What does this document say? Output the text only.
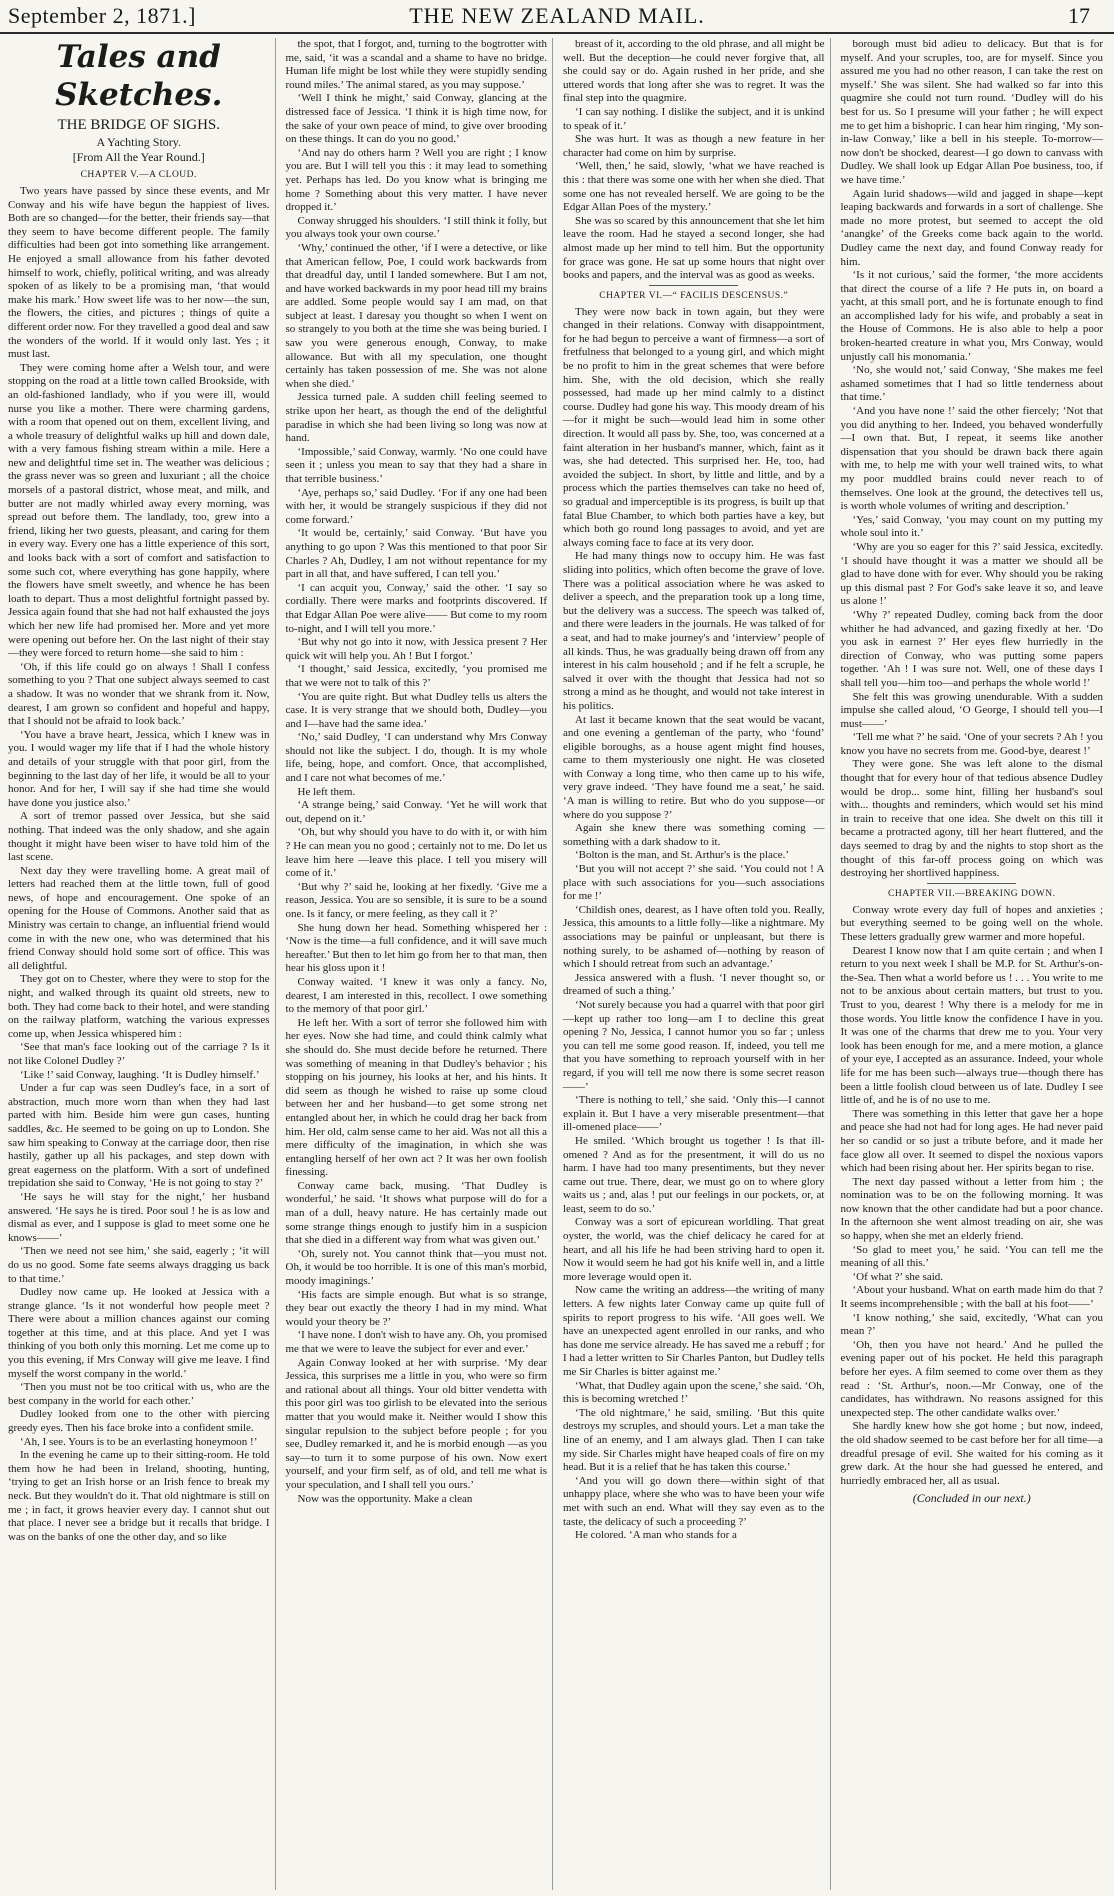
September 2, 1871.]	THE NEW ZEALAND MAIL.	17
Tales and Sketches.
THE BRIDGE OF SIGHS.
A Yachting Story.
[From All the Year Round.]
CHAPTER V.—A CLOUD.

Two years have passed by since these events, and Mr Conway and his wife have begun the happiest of lives. Both are so changed—for the better, their friends say—that they seem to have become different people. The family difficulties had been got into something like arrangement. He enjoyed a small allowance from his father devoted himself to work, chiefly, political writing, and was already spoken of as likely to be a promising man, ‘that would make his mark.’ How sweet life was to her now—the sun, the flowers, the cities, and pictures ; things of quite a different order now. For they travelled a good deal and saw the wonders of the world. If it would only last. Yes ; it must last.

They were coming home after a Welsh tour, and were stopping on the road at a little town called Brookside, with an old-fashioned landlady, who if you were ill, would nurse you like a mother. There were charming gardens, with a room that opened out on them, excellent living, and a whole treasury of delightful walks up hill and down dale, with a very famous fishing stream within a mile. Here a new and delightful time set in. The weather was delicious ; the grass never was so green and luxuriant ; all the choice morsels of a pastoral district, whose meat, and milk, and butter are not madly whirled away every morning, was spread out before them. The landlady, too, grew into a friend, liking her two guests, pleasant, and caring for them in every way. Every one has a little experience of this sort, and looks back with a sort of comfort and satisfaction to some such cot, where everything has gone happily, where the flowers have smelt sweetly, and whence he has been loath to depart. Thus a most delightful fortnight passed by. Jessica again found that she had not half exhausted the joys which her new life had promised her. More and yet more were opening out before her. On the last night of their stay—they were forced to return home—she said to him :

‘Oh, if this life could go on always ! Shall I confess something to you ? That one subject always seemed to cast a shadow. It was no wonder that we shrank from it. Now, dearest, I am grown so confident and hopeful and happy, that I should not be afraid to look back.’

‘You have a brave heart, Jessica, which I knew was in you. I would wager my life that if I had the whole history and details of your struggle with that poor girl, from the beginning to the last day of her life, it would be all to your honor. And for her, I will say if she had time she would have done you justice also.’

A sort of tremor passed over Jessica, but she said nothing. That indeed was the only shadow, and she again thought it might have been wiser to have told him of the last scene.

Next day they were travelling home. A great mail of letters had reached them at the little town, full of good news, of hope and encouragement. One spoke of an opening for the House of Commons. Another said that as Ministry was certain to change, an influential friend would come in with the new one, who was determined that his friend Conway should hold some sort of office. This was all delightful.

They got on to Chester, where they were to stop for the night, and walked through its quaint old streets, new to both. They had come back to their hotel, and were standing on the railway platform, watching the various expresses come up, when Jessica whispered him :

‘See that man's face looking out of the carriage ? Is it not like Colonel Dudley ?’

‘Like !’ said Conway, laughing. ‘It is Dudley himself.’

Under a fur cap was seen Dudley's face, in a sort of abstraction, much more worn than when they had last parted with him. Beside him were gun cases, hunting saddles, &c. He seemed to be going on up to London. She saw him speaking to Conway at the carriage door, then rise hastily, gather up all his packages, and step down with great eagerness on the platform. With a sort of undefined trepidation she said to Conway, ‘He is not going to stay ?’

‘He says he will stay for the night,’ her husband answered. ‘He says he is tired. Poor soul ! he is as low and dismal as ever, and I suppose is glad to meet some one he knows——’

‘Then we need not see him,’ she said, eagerly ; ‘it will do us no good. Some fate seems always dragging us back to that time.’

Dudley now came up. He looked at Jessica with a strange glance. ‘Is it not wonderful how people meet ? There were about a million chances against our coming together at this time, and at this place. And yet I was thinking of you both only this morning. Let me come up to you this evening, if Mrs Conway will give me leave. I find myself the worst company in the world.’

‘Then you must not be too critical with us, who are the best company in the world for each other.’

Dudley looked from one to the other with piercing greedy eyes. Then his face broke into a confident smile.

‘Ah, I see. Yours is to be an everlasting honeymoon !’

In the evening he came up to their sitting-room. He told them how he had been in Ireland, shooting, hunting, ‘trying to get an Irish horse or an Irish fence to break my neck. But they wouldn't do it. That old nightmare is still on me ; in fact, it grows heavier every day. I cannot shut out that place. I never see a bridge but it recalls that bridge. I was on the banks of one the other day, and so like

the spot, that I forgot, and, turning to the bogtrotter with me, said, ‘it was a scandal and a shame to have no bridge. Human life might be lost while they were stupidly sending round miles.’ The animal stared, as you may suppose.’

‘Well I think he might,’ said Conway, glancing at the distressed face of Jessica. ‘I think it is high time now, for the sake of your own peace of mind, to give over brooding on these things. It can do you no good.’

‘And nay do others harm ? Well you are right ; I know you are. But I will tell you this : it may lead to something yet. Perhaps has led. Do you know what is bringing me home ? Something about this very matter. I have never dropped it.’

Conway shrugged his shoulders. ‘I still think it folly, but you always took your own course.’

‘Why,’ continued the other, ‘if I were a detective, or like that American fellow, Poe, I could work backwards from that dreadful day, until I landed somewhere. But I am not, and have worked backwards in my poor head till my brains are addled. Some people would say I am mad, on that subject at least. I daresay you thought so when I went on so strangely to you both at the time she was being buried. I saw you were generous enough, Conway, to make allowance. But with all my speculation, one thought certainly has taken possession of me. She was not alone when she died.’

Jessica turned pale. A sudden chill feeling seemed to strike upon her heart, as though the end of the delightful paradise in which she had been living so long was now at hand.

‘Impossible,’ said Conway, warmly. ‘No one could have seen it ; unless you mean to say that they had a share in that terrible business.’

‘Aye, perhaps so,’ said Dudley. ‘For if any one had been with her, it would be strangely suspicious if they did not come forward.’

‘It would be, certainly,’ said Conway. ‘But have you anything to go upon ? Was this mentioned to that poor Sir Charles ? Ah, Dudley, I am not without repentance for my part in all that, and have suffered, I can tell you.’

‘I can acquit you, Conway,’ said the other. ‘I say so cordially. There were marks and footprints discovered. If that Edgar Allan Poe were alive—— But come to my room to-night, and I will tell you more.’

‘But why not go into it now, with Jessica present ? Her quick wit will help you. Ah ! But I forgot.’

‘I thought,’ said Jessica, excitedly, ‘you promised me that we were not to talk of this ?’

‘You are quite right. But what Dudley tells us alters the case. It is very strange that we should both, Dudley—you and I—have had the same idea.’

‘No,’ said Dudley, ‘I can understand why Mrs Conway should not like the subject. I do, though. It is my whole life, being, hope, and comfort. Once, that accomplished, and I care not what becomes of me.’

He left them.

‘A strange being,’ said Conway. ‘Yet he will work that out, depend on it.’

‘Oh, but why should you have to do with it, or with him ? He can mean you no good ; certainly not to me. Do let us leave him here —leave this place. I tell you misery will come of it.’

‘But why ?’ said he, looking at her fixedly. ‘Give me a reason, Jessica. You are so sensible, it is sure to be a sound one. Is it fancy, or mere feeling, as they call it ?’

She hung down her head. Something whispered her : ‘Now is the time—a full confidence, and it will save much hereafter.’ But then to let him go from her to that man, then hear his gloss upon it !

Conway waited. ‘I knew it was only a fancy. No, dearest, I am interested in this, recollect. I owe something to the memory of that poor girl.’

He left her. With a sort of terror she followed him with her eyes. Now she had time, and could think calmly what she should do. She must decide before he returned. There was something of meaning in that Dudley's behavior ; his stopping on his journey, his looks at her, and his hints. It did seem as though he wished to raise up some cloud between her and her husband—to get some strong net entangled about her, in which he could drag her back from him. Her old, calm sense came to her aid. Was not all this a mere difficulty of the imagination, in which she was entangling herself of her own act ? It was her own foolish finessing.

Conway came back, musing. ‘That Dudley is wonderful,’ he said. ‘It shows what purpose will do for a man of a dull, heavy nature. He has certainly made out some strange things enough to justify him in a suspicion that she died in a different way from what was given out.’

‘Oh, surely not. You cannot think that—you must not. Oh, it would be too horrible. It is one of this man's morbid, moody imaginings.’

‘His facts are simple enough. But what is so strange, they bear out exactly the theory I had in my mind. What would your theory be ?’

‘I have none. I don't wish to have any. Oh, you promised me that we were to leave the subject for ever and ever.’

Again Conway looked at her with surprise. ‘My dear Jessica, this surprises me a little in you, who were so firm and rational about all things. Your old bitter vendetta with this poor girl was too girlish to be elevated into the serious matter that you would make it. Neither would I show this singular repulsion to the subject before people ; for you see, Dudley remarked it, and he is morbid enough —as you say—to turn it to some purpose of his own. Now exert yourself, and your firm self, as of old, and tell me what is your speculation, and I shall tell you ours.’

Now was the opportunity. Make a clean

breast of it, according to the old phrase, and all might be well. But the deception—he could never forgive that, all she could say or do. Again rushed in her pride, and she uttered words that long after she was to regret. It was the final step into the quagmire.

‘I can say nothing. I dislike the subject, and it is unkind to speak of it.’

She was hurt. It was as though a new feature in her character had come on him by surprise.

‘Well, then,’ he said, slowly, ‘what we have reached is this : that there was some one with her when she died. That some one has not revealed herself. We are going to be the Edgar Allan Poes of the mystery.’

She was so scared by this announcement that she let him leave the room. Had he stayed a second longer, she had almost made up her mind to tell him. But the opportunity for grace was gone. He sat up some hours that night over books and papers, and the interval was as good as weeks.

CHAPTER VI.—“ FACILIS DESCENSUS.”

They were now back in town again, but they were changed in their relations. Conway with disappointment, for he had begun to perceive a want of firmness—a sort of fretfulness that belonged to a young girl, and which might be no profit to him in the great schemes that were before him. She, with the old decision, which she really possessed, had made up her mind calmly to a distinct course. Dudley had gone his way. This moody dream of his—for it might be such—would lead him in some other direction. It would all pass by. She, too, was concerned at a faint alteration in her husband's manner, which, faint as it was, she had detected. This surprised her. He, too, had avoided the subject. In short, by little and little, and by a process which the parties themselves can take no heed of, so gradual and imperceptible is its progress, is built up that fatal Blue Chamber, to which both parties have a key, but which both go round long passages to avoid, and yet are always coming face to face at its very door.

He had many things now to occupy him. He was fast sliding into politics, which often become the grave of love. There was a political association where he was asked to deliver a speech, and the preparation took up a long time, but the delivery was a success. The speech was talked of, and there were leaders in the journals. He was talked of for a seat, and had to make journey's and ‘interview’ people of all kinds. Thus, he was gradually being drawn off from any interest in his calm household ; and if he felt a scruple, he salved it over with the thought that Jessica had not so strong a mind as he thought, and would not take interest in his politics.

At last it became known that the seat would be vacant, and one evening a gentleman of the party, who ‘found’ eligible boroughs, as a house agent might find houses, came to them mysteriously one night. He was closeted with Conway a long time, who then came up to his wife, very grave indeed. ‘They have found me a seat,’ he said. ‘A man is willing to retire. But who do you suppose—or where do you suppose ?’

Again she knew there was something coming —something with a dark shadow to it.

‘Bolton is the man, and St. Arthur's is the place.’

‘But you will not accept ?’ she said. ‘You could not ! A place with such associations for you—such associations for me !’

‘Childish ones, dearest, as I have often told you. Really, Jessica, this amounts to a little folly—like a nightmare. My associations may be painful or unpleasant, but there is nothing surely, to be ashamed of—nothing by reason of which I should retreat from such an advantage.’

Jessica answered with a flush. ‘I never thought so, or dreamed of such a thing.’

‘Not surely because you had a quarrel with that poor girl—kept up rather too long—am I to decline this great opening ? No, Jessica, I cannot humor you so far ; unless you can tell me some good reason. If, indeed, you tell me that you have something to reproach yourself with in her regard, if you will tell me now there is some secret reason——’

‘There is nothing to tell,’ she said. ‘Only this—I cannot explain it. But I have a very miserable presentment—that ill-omened place——’

He smiled. ‘Which brought us together ! Is that ill-omened ? And as for the presentment, it will do us no harm. I have had too many presentiments, but they never came out true. There, dear, we must go on to where glory waits us ; and, alas ! put our feelings in our pockets, or, at least, seem to do so.’

Conway was a sort of epicurean worldling. That great oyster, the world, was the chief delicacy he cared for at heart, and all his life he had been striving hard to open it. Now it would seem he had got his knife well in, and a little more leverage would open it.

Now came the writing an address—the writing of many letters. A few nights later Conway came up quite full of spirits to report progress to his wife. ‘All goes well. We have an unexpected agent enrolled in our ranks, and who has done me service already. He has saved me a rebuff ; for I had a letter written to Sir Charles Panton, but Dudley tells me Sir Charles is bitter against me.’

‘What, that Dudley again upon the scene,’ she said. ‘Oh, this is becoming wretched !’

‘The old nightmare,’ he said, smiling. ‘But this quite destroys my scruples, and should yours. Let a man take the line of an enemy, and I am always glad. Then I can take my side. Sir Charles might have heaped coals of fire on my head. But it is a relief that he has taken this course.’

‘And you will go down there—within sight of that unhappy place, where she who was to have been your wife met with such an end. What will they say even as to the taste, the delicacy of such a proceeding ?’

He colored. ‘A man who stands for a

borough must bid adieu to delicacy. But that is for myself. And your scruples, too, are for myself. Since you assured me you had no other reason, I can take the rest on myself.’ She was silent. She had walked so far into this quagmire she could not turn round. ‘Dudley will do his best for us. So I presume will your father ; he will expect me to get him a bishopric. I can hear him ringing, ‘My son-in-law Conway,’ like a bell in his steeple. To-morrow—now don't be shocked, dearest—I go down to canvass with Dudley. We shall look up Edgar Allan Poe business, too, if we have time.’

Again lurid shadows—wild and jagged in shape—kept leaping backwards and forwards in a sort of challenge. She made no more protest, but seemed to accept the old ‘anangke’ of the Greeks come back again to the world. Dudley came the next day, and found Conway ready for him.

‘Is it not curious,’ said the former, ‘the more accidents that direct the course of a life ? He puts in, on board a yacht, at this small port, and he is fortunate enough to find an accomplished lady for his wife, and probably a seat in the House of Commons. He is also able to help a poor broken-hearted creature in what you, Mrs Conway, would unjustly call his monomania.’

‘No, she would not,’ said Conway, ‘She makes me feel ashamed sometimes that I had so little tenderness about that time.’

‘And you have none !’ said the other fiercely; ‘Not that you did anything to her. Indeed, you behaved wonderfully—I own that. But, I repeat, it seems like another dispensation that you should be drawn back there again with me, to help me with your well trained wits, to what my poor muddled brains could never reach to of themselves. One look at the ground, the detectives tell us, is worth whole volumes of writing and description.’

‘Yes,’ said Conway, ‘you may count on my putting my whole soul into it.’

‘Why are you so eager for this ?’ said Jessica, excitedly. ‘I should have thought it was a matter we should all be glad to have done with for ever. Why should you be raking up this dismal past ? For God's sake leave it so, and leave us alone !’

‘Why ?’ repeated Dudley, coming back from the door whither he had advanced, and gazing fixedly at her. ‘Do you ask in earnest ?’ Her eyes flew hurriedly in the direction of Conway, who was putting some papers together. ‘Ah ! I was sure not. Well, one of these days I shall tell you—him too—and perhaps the whole world !’

She felt this was growing unendurable. With a sudden impulse she called aloud, ‘O George, I should tell you—I must——’

‘Tell me what ?’ he said. ‘One of your secrets ? Ah ! you know you have no secrets from me. Good-bye, dearest !’

They were gone. She was left alone to the dismal thought that for every hour of that tedious absence Dudley would be drop... some hint, filling her husband's soul with... thoughts and reminders, which would set his mind in train to receive that one idea. She dwelt on this till it became a protracted agony, till her heart fluttered, and the days seemed to drag by and the nights to stop short as the thought of this far-off process going on which was destroying her shortlived happiness.

CHAPTER VII.—BREAKING DOWN.

Conway wrote every day full of hopes and anxieties ; but everything seemed to be going well on the whole. These letters gradually grew warmer and more hopeful.

Dearest I know now that I am quite certain ; and when I return to you next week I shall be M.P. for St. Arthur's-on-the-Sea. Then what a world before us ! . . . You write to me not to be anxious about certain matters, but trust to you. Trust to you, dearest ! Why there is a melody for me in those words. You little know the confidence I have in you. It was one of the charms that drew me to you. Your very look has been enough for me, and a mere motion, a glance of your eye, I accepted as an assurance. Indeed, your whole life for me has been such—always true—though there has been a little foolish cloud between us of late. Dudley I see little of, and he is of no use to me.

There was something in this letter that gave her a hope and peace she had not had for long ages. He had never paid her so candid or so just a tribute before, and it made her face glow all over. It seemed to dispel the noxious vapors which had been rising about her. Her spirits began to rise.

The next day passed without a letter from him ; the nomination was to be on the following morning. It was now known that the other candidate had but a poor chance. In the afternoon she went almost treading on air, she was so happy, when she met an elderly friend.

‘So glad to meet you,’ he said. ‘You can tell me the meaning of all this.’

‘Of what ?’ she said.

‘About your husband. What on earth made him do that ? It seems incomprehensible ; with the ball at his foot——’

‘I know nothing,’ she said, excitedly, ‘What can you mean ?’

‘Oh, then you have not heard.’ And he pulled the evening paper out of his pocket. He held this paragraph before her eyes. A film seemed to come over them as they read : ‘St. Arthur's, noon.—Mr Conway, one of the candidates, has withdrawn. No reasons assigned for this unexpected step. The other candidate walks over.’

She hardly knew how she got home ; but now, indeed, the old shadow seemed to be cast before her for all time—a dreadful presage of evil. She waited for his coming as it grew dark. At the hour she had guessed he entered, and hurriedly embraced her, all as usual.

(Concluded in our next.)
